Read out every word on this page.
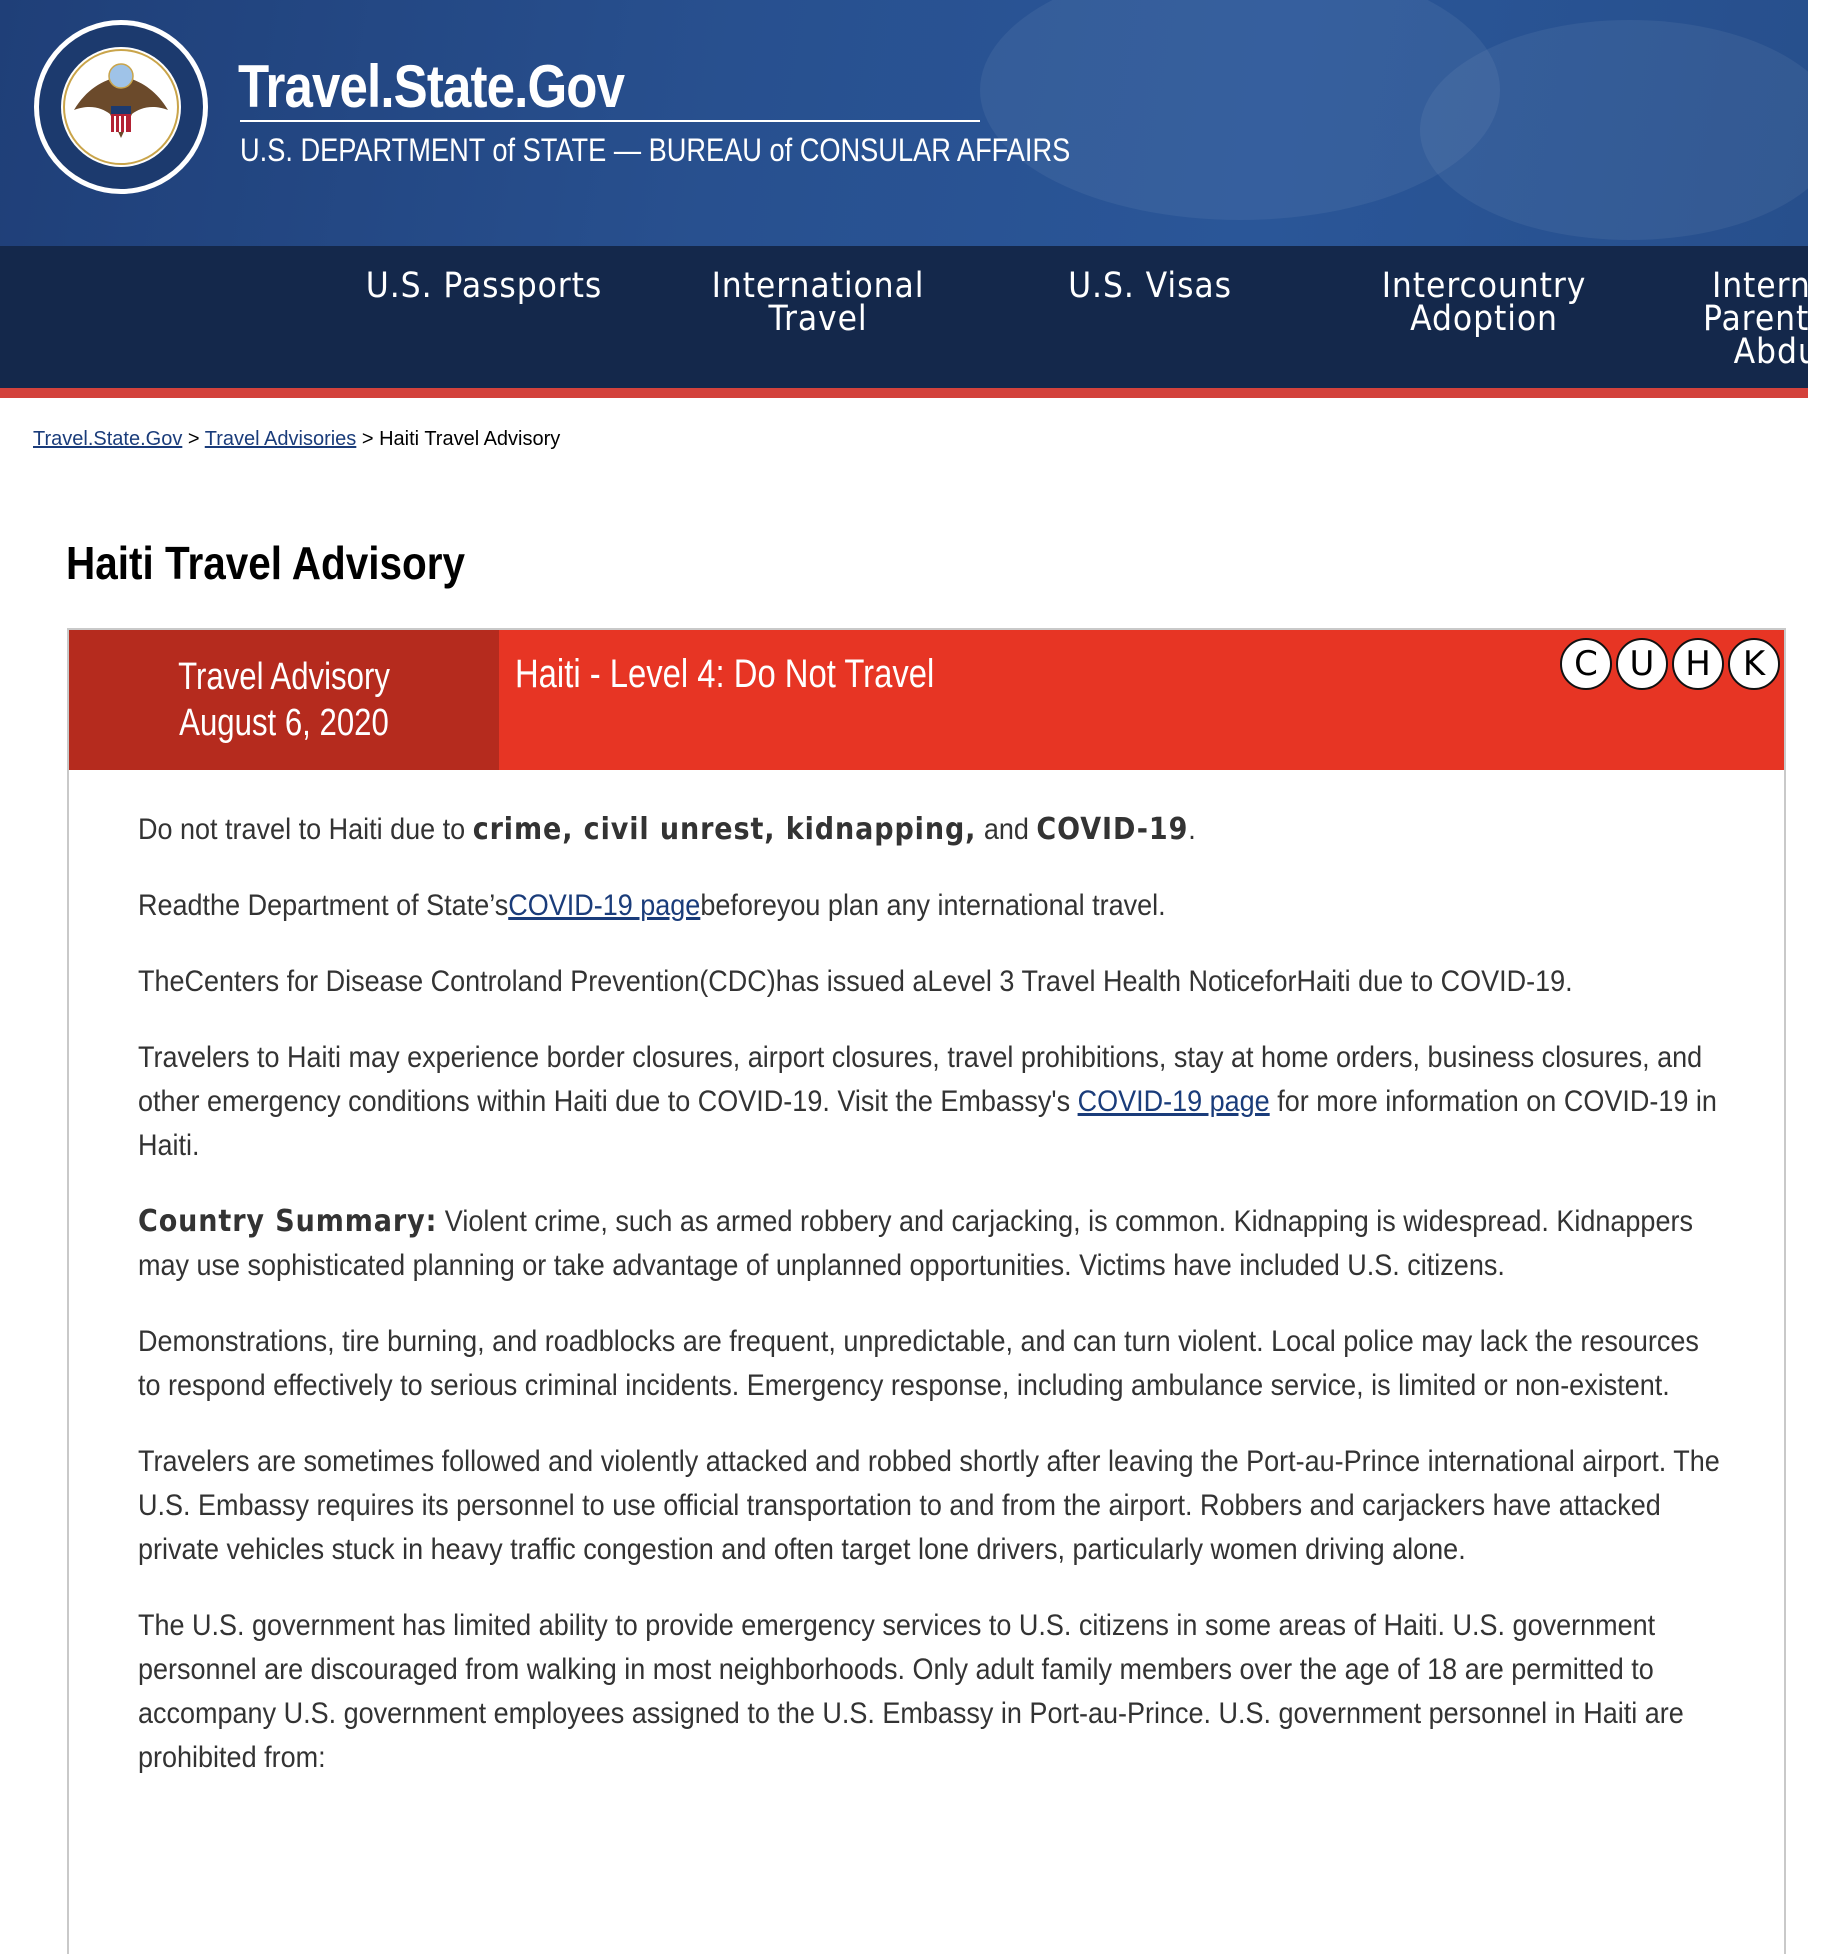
Travel.State.Gov
U.S. DEPARTMENT of STATE — BUREAU of CONSULAR AFFAIRS
U.S. Passports	International
Travel
U.S. Visas	Intercountry
Adoption
Intern
Parent
Abdu
Travel.State.Gov > Travel Advisories > Haiti Travel Advisory
Haiti Travel Advisory
Travel Advisory
August 6, 2020
Haiti - Level 4: Do Not Travel	C U H K

Do not travel to Haiti due to crime, civil unrest, kidnapping, and COVID-19.

Readthe Department of State’sCOVID-19 pagebeforeyou plan any international travel.

TheCenters for Disease Controland Prevention(CDC)has issued aLevel 3 Travel Health NoticeforHaiti due to COVID-19.

Travelers to Haiti may experience border closures, airport closures, travel prohibitions, stay at home orders, business closures, and other emergency conditions within Haiti due to COVID-19. Visit the Embassy's COVID-19 page for more information on COVID-19 in Haiti.

Country Summary: Violent crime, such as armed robbery and carjacking, is common. Kidnapping is widespread. Kidnappers may use sophisticated planning or take advantage of unplanned opportunities. Victims have included U.S. citizens.

Demonstrations, tire burning, and roadblocks are frequent, unpredictable, and can turn violent. Local police may lack the resources to respond effectively to serious criminal incidents. Emergency response, including ambulance service, is limited or non-existent.

Travelers are sometimes followed and violently attacked and robbed shortly after leaving the Port-au-Prince international airport. The U.S. Embassy requires its personnel to use official transportation to and from the airport. Robbers and carjackers have attacked private vehicles stuck in heavy traffic congestion and often target lone drivers, particularly women driving alone.

The U.S. government has limited ability to provide emergency services to U.S. citizens in some areas of Haiti. U.S. government personnel are discouraged from walking in most neighborhoods. Only adult family members over the age of 18 are permitted to accompany U.S. government employees assigned to the U.S. Embassy in Port-au-Prince. U.S. government personnel in Haiti are prohibited from:
